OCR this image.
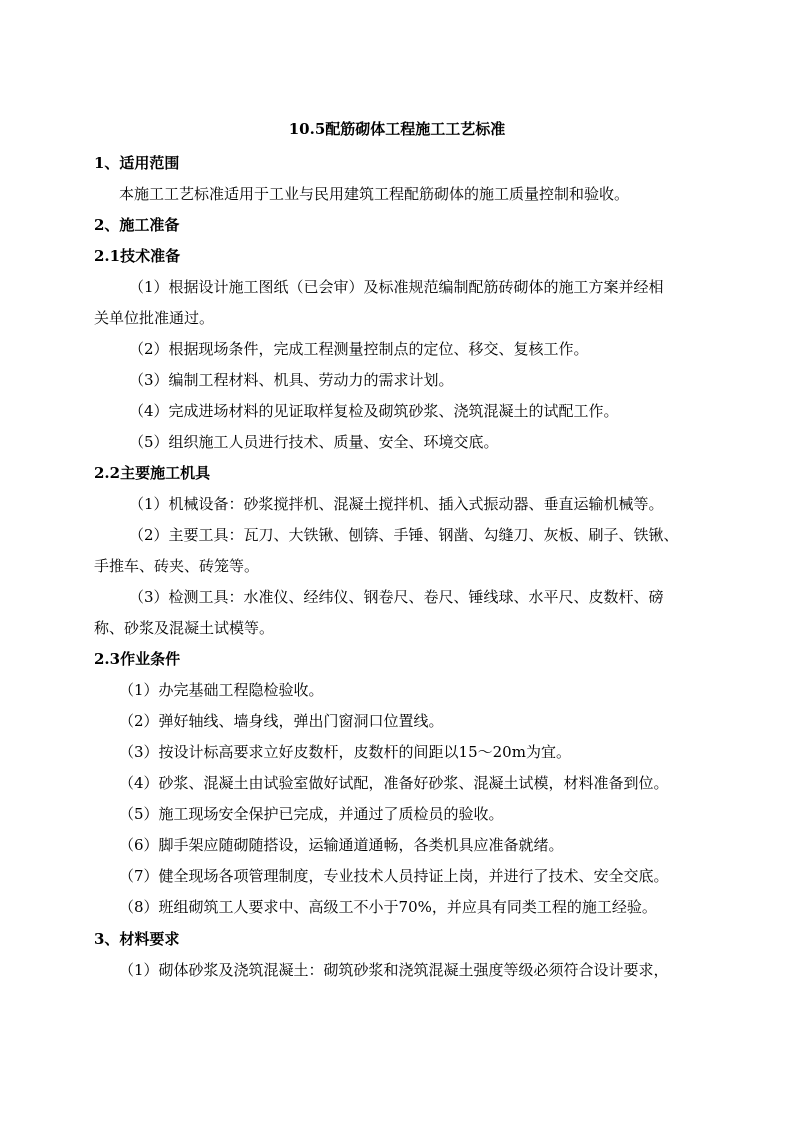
10.5配筋砌体工程施工工艺标准
1、适用范围
本施工工艺标准适用于工业与民用建筑工程配筋砌体的施工质量控制和验收。
2、施工准备
2.1技术准备
（1）根据设计施工图纸（已会审）及标准规范编制配筋砖砌体的施工方案并经相
关单位批准通过。
（2）根据现场条件，完成工程测量控制点的定位、移交、复核工作。
（3）编制工程材料、机具、劳动力的需求计划。
（4）完成进场材料的见证取样复检及砌筑砂浆、浇筑混凝土的试配工作。
（5）组织施工人员进行技术、质量、安全、环境交底。
2.2主要施工机具
（1）机械设备：砂浆搅拌机、混凝土搅拌机、插入式振动器、垂直运输机械等。
（2）主要工具：瓦刀、大铁锹、刨锛、手锤、钢凿、勾缝刀、灰板、刷子、铁锹、
手推车、砖夹、砖笼等。
（3）检测工具：水准仪、经纬仪、钢卷尺、卷尺、锤线球、水平尺、皮数杆、磅
称、砂浆及混凝土试模等。
2.3作业条件
（1）办完基础工程隐检验收。
（2）弹好轴线、墙身线，弹出门窗洞口位置线。
（3）按设计标高要求立好皮数杆，皮数杆的间距以15～20m为宜。
（4）砂浆、混凝土由试验室做好试配，准备好砂浆、混凝土试模，材料准备到位。
（5）施工现场安全保护已完成，并通过了质检员的验收。
（6）脚手架应随砌随搭设，运输通道通畅，各类机具应准备就绪。
（7）健全现场各项管理制度，专业技术人员持证上岗，并进行了技术、安全交底。
（8）班组砌筑工人要求中、高级工不小于70%，并应具有同类工程的施工经验。
3、材料要求
（1）砌体砂浆及浇筑混凝土：砌筑砂浆和浇筑混凝土强度等级必须符合设计要求，
